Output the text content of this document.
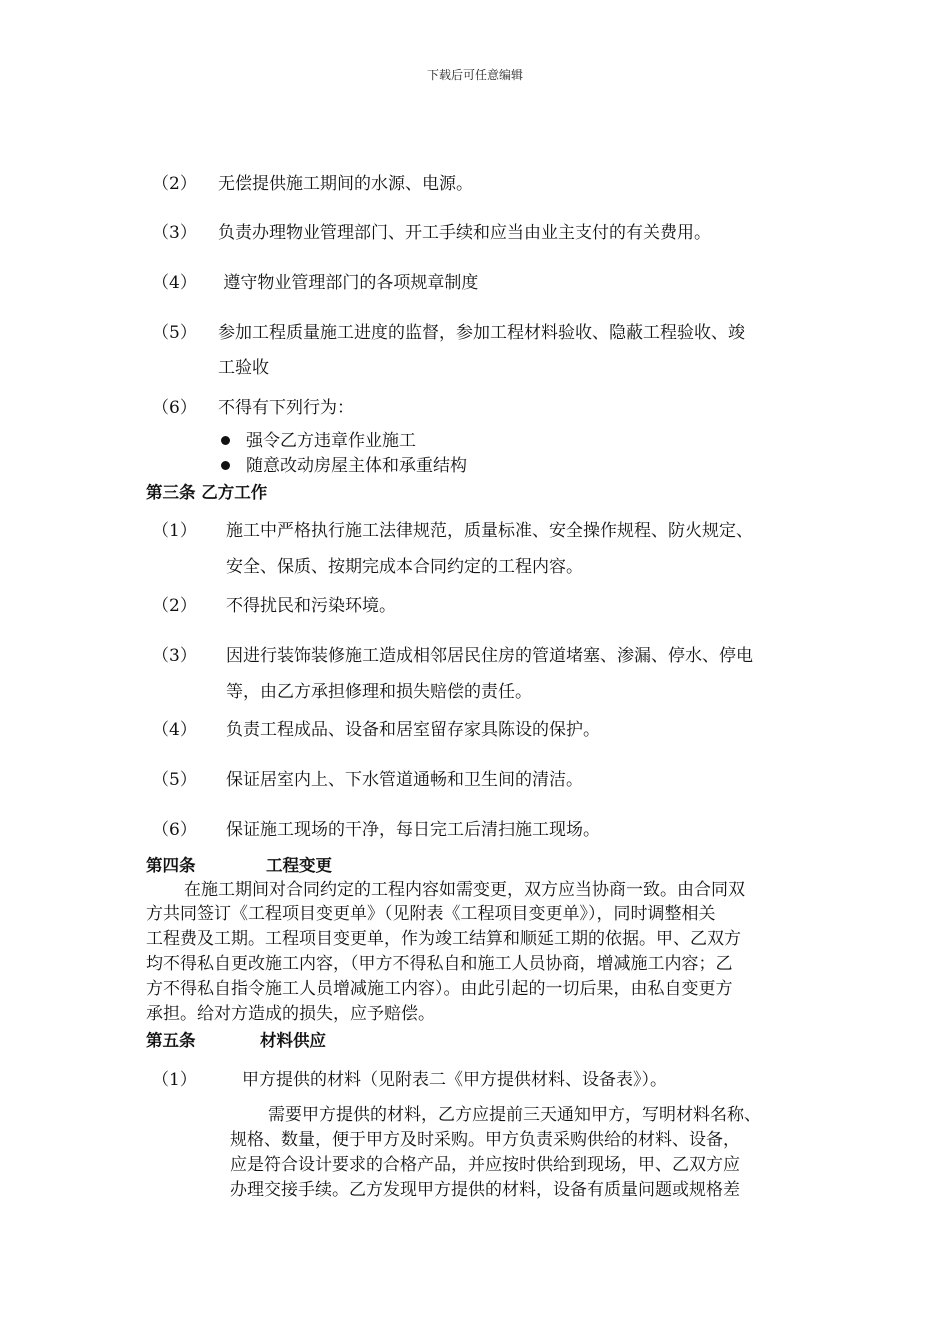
下载后可任意编辑
（2） 无偿提供施工期间的水源、电源。
（3） 负责办理物业管理部门、开工手续和应当由业主支付的有关费用。
（4） 遵守物业管理部门的各项规章制度
（5） 参加工程质量施工进度的监督，参加工程材料验收、隐蔽工程验收、竣
工验收
（6） 不得有下列行为：
强令乙方违章作业施工
随意改动房屋主体和承重结构
第三条 乙方工作
（1） 施工中严格执行施工法律规范，质量标准、安全操作规程、防火规定、
安全、保质、按期完成本合同约定的工程内容。
（2） 不得扰民和污染环境。
（3） 因进行装饰装修施工造成相邻居民住房的管道堵塞、渗漏、停水、停电
等，由乙方承担修理和损失赔偿的责任。
（4） 负责工程成品、设备和居室留存家具陈设的保护。
（5） 保证居室内上、下水管道通畅和卫生间的清洁。
（6） 保证施工现场的干净，每日完工后清扫施工现场。
第四条	工程变更
在施工期间对合同约定的工程内容如需变更，双方应当协商一致。由合同双
方共同签订《工程项目变更单》（见附表《工程项目变更单》），同时调整相关
工程费及工期。工程项目变更单，作为竣工结算和顺延工期的依据。甲、乙双方
均不得私自更改施工内容，（甲方不得私自和施工人员协商，增减施工内容；乙
方不得私自指令施工人员增减施工内容）。由此引起的一切后果，由私自变更方
承担。给对方造成的损失，应予赔偿。
第五条	材料供应
（1）	甲方提供的材料（见附表二《甲方提供材料、设备表》）。
需要甲方提供的材料，乙方应提前三天通知甲方，写明材料名称、
规格、数量，便于甲方及时采购。甲方负责采购供给的材料、设备，
应是符合设计要求的合格产品，并应按时供给到现场，甲、乙双方应
办理交接手续。乙方发现甲方提供的材料，设备有质量问题或规格差
